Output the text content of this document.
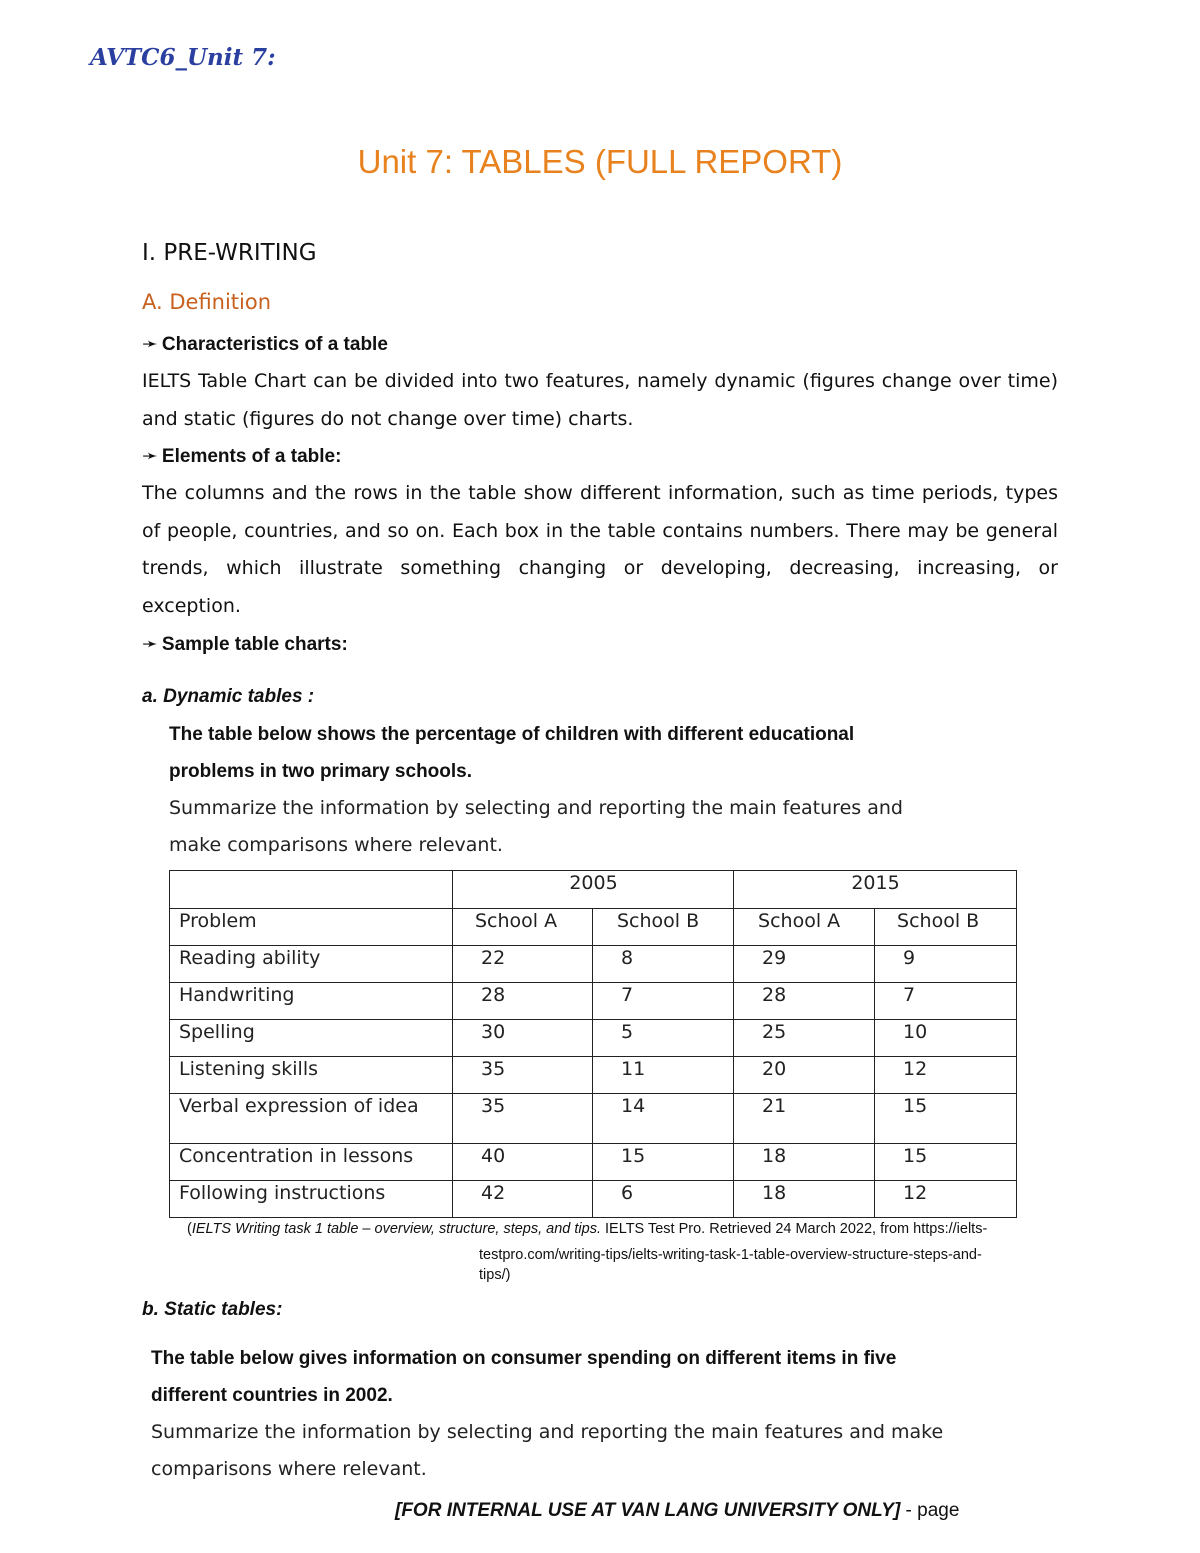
AVTC6_Unit 7:
Unit 7: TABLES (FULL REPORT)
I. PRE-WRITING
A. Definition
➛ Characteristics of a table
IELTS Table Chart can be divided into two features, namely dynamic (figures change over time) and static (figures do not change over time) charts.
➛ Elements of a table:
The columns and the rows in the table show different information, such as time periods, types of people, countries, and so on. Each box in the table contains numbers. There may be general trends, which illustrate something changing or developing, decreasing, increasing, or exception.
➛ Sample table charts:
a. Dynamic tables :
The table below shows the percentage of children with different educational
problems in two primary schools.
Summarize the information by selecting and reporting the main features and
make comparisons where relevant.
	2005		2015	
Problem	School A	School B	School A	School B
Reading ability	22	8	29	9
Handwriting	28	7	28	7
Spelling	30	5	25	10
Listening skills	35	11	20	12
Verbal expression of idea	35	14	21	15
Concentration in lessons	40	15	18	15
Following instructions	42	6	18	12
(IELTS Writing task 1 table – overview, structure, steps, and tips. IELTS Test Pro. Retrieved 24 March 2022, from https://ielts-
testpro.com/writing-tips/ielts-writing-task-1-table-overview-structure-steps-and-
tips/)
b. Static tables:
The table below gives information on consumer spending on different items in five
different countries in 2002.
Summarize the information by selecting and reporting the main features and make
comparisons where relevant.
[FOR INTERNAL USE AT VAN LANG UNIVERSITY ONLY] - page
